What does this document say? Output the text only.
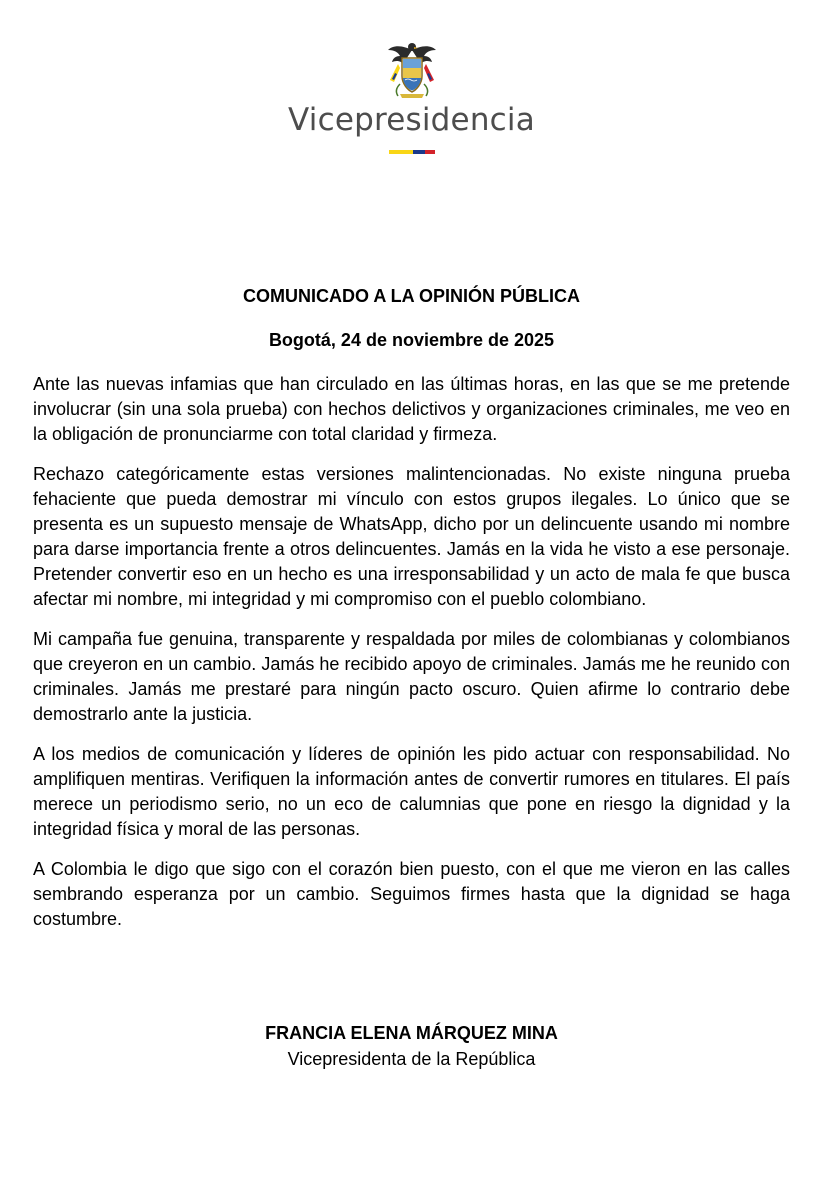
Vicepresidencia

COMUNICADO A LA OPINIÓN PÚBLICA

Bogotá, 24 de noviembre de 2025

Ante las nuevas infamias que han circulado en las últimas horas, en las que se me pretende involucrar (sin una sola prueba) con hechos delictivos y organizaciones criminales, me veo en la obligación de pronunciarme con total claridad y firmeza.

Rechazo categóricamente estas versiones malintencionadas. No existe ninguna prueba fehaciente que pueda demostrar mi vínculo con estos grupos ilegales. Lo único que se presenta es un supuesto mensaje de WhatsApp, dicho por un delincuente usando mi nombre para darse importancia frente a otros delincuentes. Jamás en la vida he visto a ese personaje. Pretender convertir eso en un hecho es una irresponsabilidad y un acto de mala fe que busca afectar mi nombre, mi integridad y mi compromiso con el pueblo colombiano.

Mi campaña fue genuina, transparente y respaldada por miles de colombianas y colombianos que creyeron en un cambio. Jamás he recibido apoyo de criminales. Jamás me he reunido con criminales. Jamás me prestaré para ningún pacto oscuro. Quien afirme lo contrario debe demostrarlo ante la justicia.

A los medios de comunicación y líderes de opinión les pido actuar con responsabilidad. No amplifiquen mentiras. Verifiquen la información antes de convertir rumores en titulares. El país merece un periodismo serio, no un eco de calumnias que pone en riesgo la dignidad y la integridad física y moral de las personas.

A Colombia le digo que sigo con el corazón bien puesto, con el que me vieron en las calles sembrando esperanza por un cambio. Seguimos firmes hasta que la dignidad se haga costumbre.

FRANCIA ELENA MÁRQUEZ MINA
Vicepresidenta de la República
